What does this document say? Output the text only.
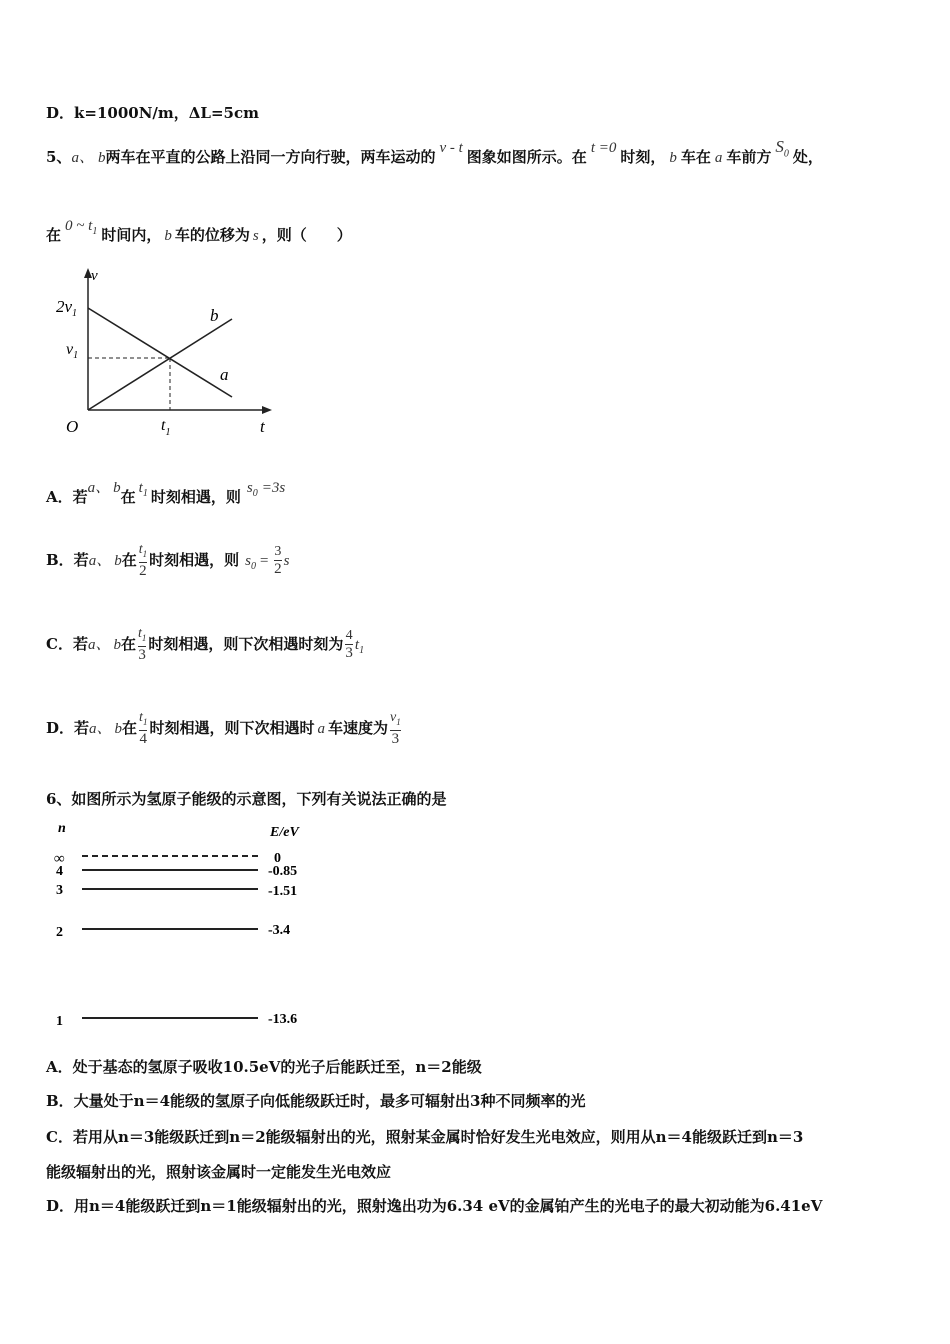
D．k=1000N/m，ΔL=5cm
5、a、 b两车在平直的公路上沿同一方向行驶，两车运动的 v - t 图象如图所示。在 t =0 时刻， b 车在 a 车前方$S_0$ 处，
在 0 ~ $t_1$ 时间内， b 车的位移为 s ，则（　　）
v
t
O
$2v_1$
$v_1$
$t_1$
b
a
A．若a、 b在 $t_1$ 时刻相遇，则 $s_0 =3s$
B．若a、 b在 $\frac{t_1}{2}$ 时刻相遇，则 $s_0 = \frac{3}{2}$ s
C．若a、 b在 $\frac{t_1}{3}$ 时刻相遇，则下次相遇时刻为 $\frac{4}{3} t_1$
D．若a、 b在 $\frac{t_1}{4}$ 时刻相遇，则下次相遇时 a 车速度为 $\frac{v_1}{3}$
6、如图所示为氢原子能级的示意图，下列有关说法正确的是
n	E/eV
∞	0
4	-0.85
3	-1.51
2	-3.4
1	-13.6
A．处于基态的氢原子吸收10.5eV的光子后能跃迁至，n＝2能级
B．大量处于n＝4能级的氢原子向低能级跃迁时，最多可辐射出3种不同频率的光
C．若用从n＝3能级跃迁到n＝2能级辐射出的光，照射某金属时恰好发生光电效应，则用从n＝4能级跃迁到n＝3
能级辐射出的光，照射该金属时一定能发生光电效应
D．用n＝4能级跃迁到n＝1能级辐射出的光，照射逸出功为6.34 eV的金属铂产生的光电子的最大初动能为6.41eV
